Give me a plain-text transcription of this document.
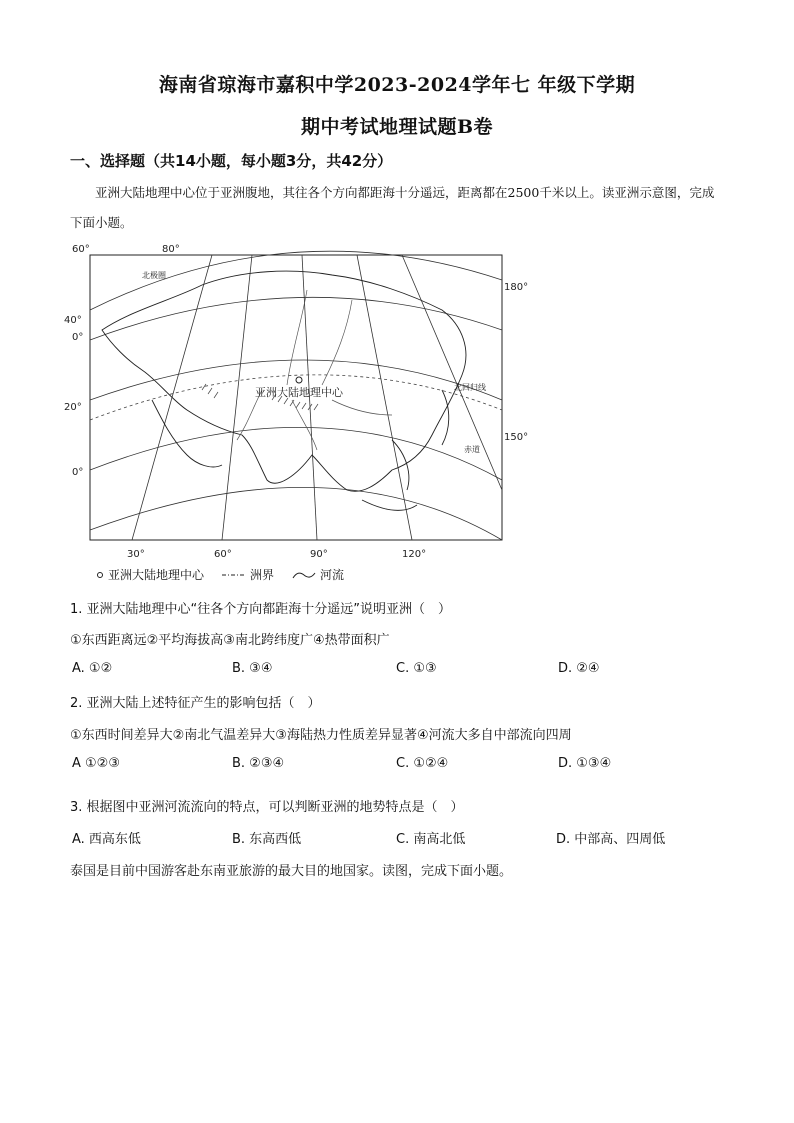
海南省琼海市嘉积中学2023-2024学年七 年级下学期
期中考试地理试题B卷
一、选择题（共14小题，每小题3分，共42分）
亚洲大陆地理中心位于亚洲腹地，其往各个方向都距海十分遥远，距离都在2500千米以上。读亚洲示意图，完成下面小题。
亚洲大陆地理中心	北回归线
赤道
北极圈
60°	80°
40°
0°
20°
0°
180°
150°
30°	60°	90°	120°
亚洲大陆地理中心	洲界	河流
1. 亚洲大陆地理中心“往各个方向都距海十分遥远”说明亚洲（　）
①东西距离远②平均海拔高③南北跨纬度广④热带面积广
A. ①②	B. ③④	C. ①③	D. ②④
2. 亚洲大陆上述特征产生的影响包括（　）
①东西时间差异大②南北气温差异大③海陆热力性质差异显著④河流大多自中部流向四周
A ①②③	B. ②③④	C. ①②④	D. ①③④
3. 根据图中亚洲河流流向的特点，可以判断亚洲的地势特点是（　）
A. 西高东低	B. 东高西低	C. 南高北低	D. 中部高、四周低
泰国是目前中国游客赴东南亚旅游的最大目的地国家。读图，完成下面小题。
